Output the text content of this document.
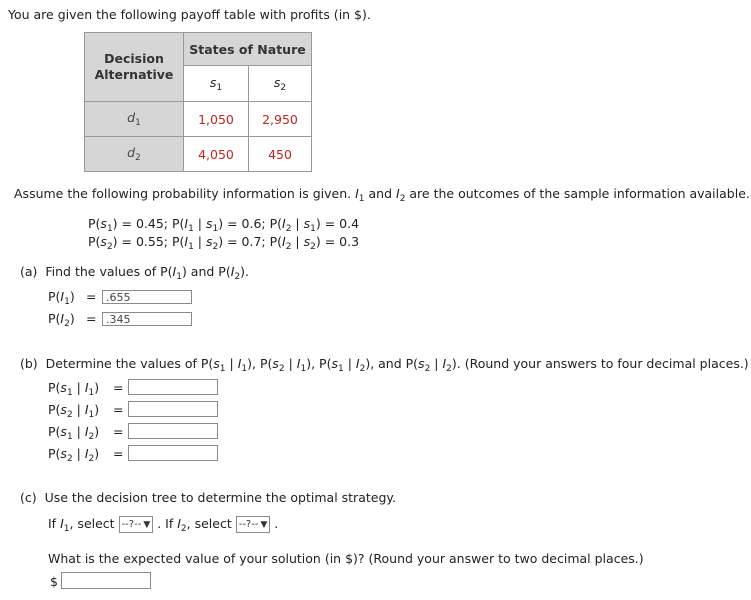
You are given the following payoff table with profits (in $).
Decision
Alternative	States of Nature	
	$s_1$	$s_2$
$d_1$	1,050	2,950
$d_2$	4,050	450
Assume the following probability information is given. $I_1$ and $I_2$ are the outcomes of the sample information available.
$P(s_1) = 0.45$; $P(I_1$ | $s_1) = 0.6$; $P(I_2$ | $s_1) = 0.4$
$P(s_2) = 0.55$; $P(I_1$ | $s_2) = 0.7$; $P(I_2$ | $s_2) = 0.3$
(a) Find the values of $P(I_1)$ and $P(I_2)$.
$P(I_1) = .655$
$P(I_2) = .345$
(b) Determine the values of $P(s_1$ | $I_1$), $P(s_2$ | $I_1$), $P(s_1$ | $I_2$), and $P(s_2$ | $I_2$). (Round your answers to four decimal places.)
$P(s_1$ | $I_1$) =
$P(s_2$ | $I_1$) =
$P(s_1$ | $I_2$) =
$P(s_2$ | $I_2$) =
(c) Use the decision tree to determine the optimal strategy.
If $I_1$, select --?-- ▼ . If $I_2$, select --?-- ▼ .
What is the expected value of your solution (in $)? (Round your answer to two decimal places.)
$
